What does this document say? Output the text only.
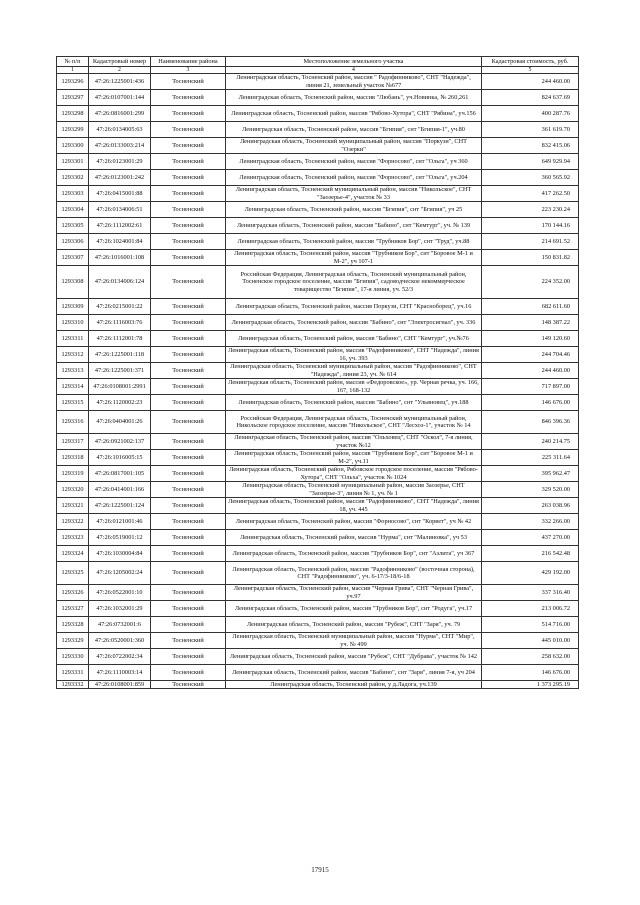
№ п/п	Кадастровый номер	Наименование района	Местоположение земельного участка	Кадастровая стоимость, руб.
1	2	3	4	5
1293296	47:26:1225001:436	Тосненский	Ленинградская область, Тосненский район, массив " Радофинниково", СНТ "Надежда", линия 21, земельный участок №677	244 460.00
1293297	47:26:0107001:144	Тосненский	Ленинградская область, Тосненский район, массив "Любань", уч.Новинка, № 260,261	824 637.69
1293298	47:26:0816001:299	Тосненский	Ленинградская область, Тосненский район, массив "Рябово-Хутора", СНТ "Рябина", уч.156	400 287.76
1293299	47:26:0134005:63	Тосненский	Ленинградская область, Тосненский район, массив "Бгипия", снт "Бгипия-1", уч.80	361 619.70
1293300	47:26:0133003:214	Тосненский	Ленинградская область, Тосненский муниципальный район, массив "Поркузи", СНТ "Озерки"	832 415.06
1293301	47:26:0123001:29	Тосненский	Ленинградская область, Тосненский район, массив "Форносово", снт "Ольга", уч 360	649 929.94
1293302	47:26:0123001:242	Тосненский	Ленинградская область, Тосненский район, массив "Форносово", снт "Ольга", уч.204	360 565.92
1293303	47:26:0415001:88	Тосненский	Ленинградская область, Тосненский муниципальный район, массив "Никольское", СНТ "Заозерье-4", участок № 33	417 262.50
1293304	47:26:0134006:51	Тосненский	Ленинградская область, Тосненский район, массив "Бгипия", снт "Бгипия", уч 25	223 230.24
1293305	47:26:1112002:61	Тосненский	Ленинградская область, Тосненский район, массив "Бабино", снт "Кемтург", уч. № 139	170 144.16
1293306	47:26:1024001:84	Тосненский	Ленинградская область, Тосненский район, массив "Трубников Бор", снт "Труд", уч.88	214 691.52
1293307	47:26:1016001:108	Тосненский	Ленинградская область, Тосненский район, массив "Трубников Бор", снт "Боровое М-1 и М-2", уч 107-1	150 831.82
1293308	47:26:0134006:124	Тосненский	Российская Федерация, Ленинградская область, Тосненский муниципальный район, Тосненское городское поселение, массив "Бгипия", садоводческое некоммерческое товарищество "Бгипия", 17-я линия, уч. 52/3	224 352.00
1293309	47:26:0215001:22	Тосненский	Ленинградская область, Тосненский район, массив Поркузи, СНТ "Красноборец", уч.16	682 611.60
1293310	47:26:1116003:76	Тосненский	Ленинградская область, Тосненский район, массив "Бабино", снт "Электросигнал", уч. 336	148 387.22
1293311	47:26:1112001:78	Тосненский	Ленинградская область, Тосненский район, массив "Бабино", СНТ "Кемтург", уч.№76	149 120.60
1293312	47:26:1225001:118	Тосненский	Ленинградская область, Тосненский район, массив "Радофинниково", СНТ "Надежда", линия 16, уч. 393	244 704.46
1293313	47:26:1225001:371	Тосненский	Ленинградская область, Тосненский муниципальный район, массив "Радофинниково", СНТ "Надежда", линия 23, уч. № 614	244 460.00
1293314	47:26:0108001:2991	Тосненский	Ленинградская область, Тосненский район, массив «Федоровское», ур. Черная речка, уч. 166, 167, 168-132	717 897.00
1293315	47:26:1120002:23	Тосненский	Ленинградская область, Тосненский район, массив "Бабино", снт "Ульяновец", уч.188	146 676.00
1293316	47:26:0404001:26	Тосненский	Российская Федерация, Ленинградская область, Тосненский муниципальный район, Никольское городское поселение, массив "Никольское", СНТ "Лесхоз-1", участок № 14	846 396.36
1293317	47:26:0921002:137	Тосненский	Ленинградская область, Тосненский район, массив "Ольховец", СНТ "Оскол", 7-я линия, участок №12	240 214.75
1293318	47:26:1016005:15	Тосненский	Ленинградская область, Тосненский район, массив "Трубников Бор", снт "Боровое М-1 и М-2", уч.11	225 311.64
1293319	47:26:0817001:105	Тосненский	Ленинградская область, Тосненский район, Рябовское городское поселение, массив "Рябово-Хутора", СНТ "Ольха", участок № 1024	395 962.47
1293320	47:26:0414001:166	Тосненский	Ленинградская область, Тосненский муниципальный район, массив Заозерье, СНТ "Заозерье-3", линия № 1, уч. № 1	329 520.00
1293321	47:26:1225001:124	Тосненский	Ленинградская область, Тосненский район, массив "Радофинниково", СНТ "Надежда", линия 18, уч. 445	263 038.96
1293322	47:26:0121001:46	Тосненский	Ленинградская область, Тосненский район, массив "Форносово", снт "Корвет", уч № 42	332 266.00
1293323	47:26:0519001:12	Тосненский	Ленинградская область, Тосненский район, массив "Нурма", снт "Малиновка", уч 53	437 270.00
1293324	47:26:1030004:84	Тосненский	Ленинградская область, Тосненский район, массив "Трубников Бор", снт "Аэлита", уч 367	216 542.48
1293325	47:26:1205002:24	Тосненский	Ленинградская область, Тосненский район, массив "Радофинниково" (восточная сторона), СНТ "Радофинниково", уч. 6-17/3-18/6-18	429 192.00
1293326	47:26:0522001:10	Тосненский	Ленинградская область, Тосненский район, массив "Черная Грива", СНТ "Черная Грива", уч.97	337 316.40
1293327	47:26:1032001:29	Тосненский	Ленинградская область, Тосненский район, массив "Трубников Бор", снт "Родуга", уч.17	213 006.72
1293328	47:26:0732001:6	Тосненский	Ленинградская область, Тосненский район, массив "Рубеж", СНТ "Заря", уч. 79	514 716.00
1293329	47:26:0520001:360	Тосненский	Ленинградская область, Тосненский муниципальный район, массив "Нурма", СНТ "Мир", уч. № 499	445 010.00
1293330	47:26:0722002:34	Тосненский	Ленинградская область, Тосненский район, массив "Рубеж", СНТ "Дубрава", участок № 142	258 632.00
1293331	47:26:1110003:14	Тосненский	Ленинградская область, Тосненский район, массив "Бабино", снт "Заря", линия 7-я, уч 204	146 676.00
1293332	47:26:0108001:859	Тосненский	Ленинградская область, Тосненский район, у д.Ладога, уч.139	1 373 295.19
17915
